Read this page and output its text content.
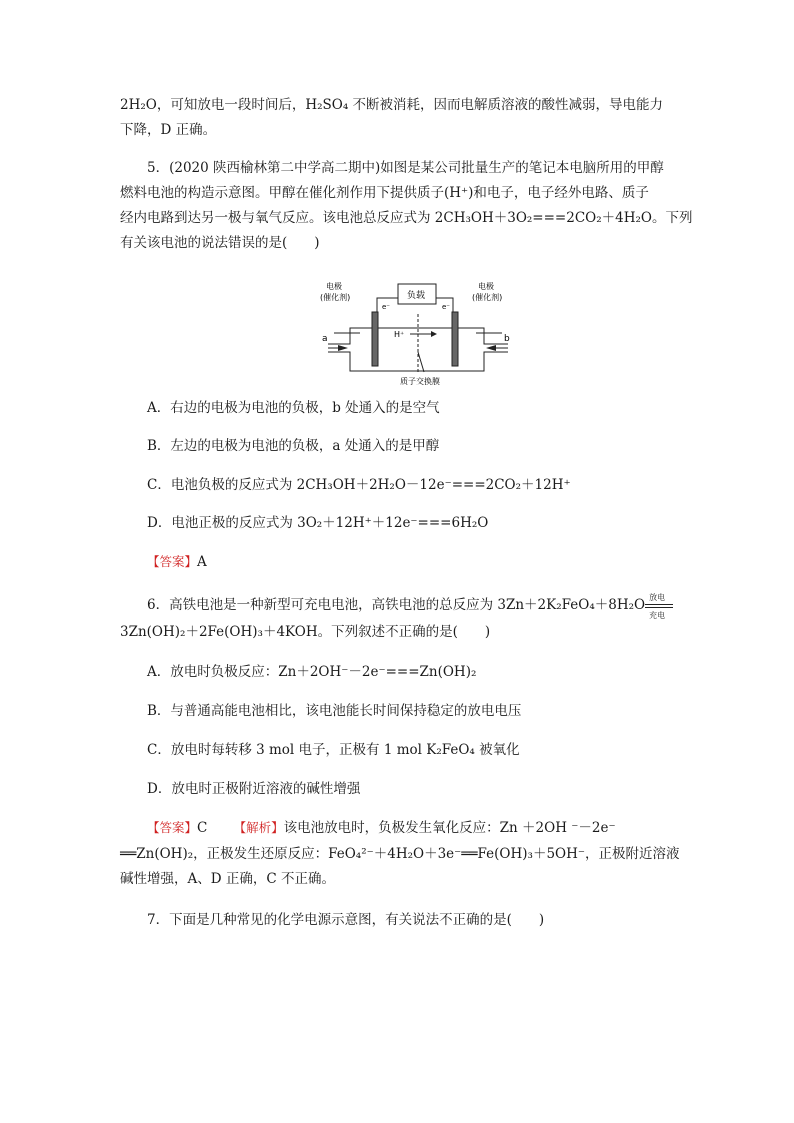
2H₂O，可知放电一段时间后，H₂SO₄ 不断被消耗，因而电解质溶液的酸性减弱，导电能力
下降，D 正确。
5．(2020 陕西榆林第二中学高二期中)如图是某公司批量生产的笔记本电脑所用的甲醇
燃料电池的构造示意图。甲醇在催化剂作用下提供质子(H⁺)和电子，电子经外电路、质子
经内电路到达另一极与氧气反应。该电池总反应式为 2CH₃OH＋3O₂===2CO₂＋4H₂O。下列
有关该电池的说法错误的是(　　)
电极
(催化剂)
电极
(催化剂)
负载
e⁻	e⁻
H⁺
a	b
质子交换膜
A．右边的电极为电池的负极，b 处通入的是空气
B．左边的电极为电池的负极，a 处通入的是甲醇
C．电池负极的反应式为 2CH₃OH＋2H₂O－12e⁻===2CO₂＋12H⁺
D．电池正极的反应式为 3O₂＋12H⁺＋12e⁻===6H₂O
【答案】A
6．高铁电池是一种新型可充电电池，高铁电池的总反应为 3Zn＋2K₂FeO₄＋8H₂O 放电
充电
3Zn(OH)₂＋2Fe(OH)₃＋4KOH。下列叙述不正确的是(　　)
A．放电时负极反应：Zn＋2OH⁻－2e⁻===Zn(OH)₂
B．与普通高能电池相比，该电池能长时间保持稳定的放电电压
C．放电时每转移 3 mol 电子，正极有 1 mol K₂FeO₄ 被氧化
D．放电时正极附近溶液的碱性增强
【答案】C 【解析】该电池放电时，负极发生氧化反应：Zn ＋2OH ⁻－2e⁻
══Zn(OH)₂，正极发生还原反应：FeO₄²⁻＋4H₂O＋3e⁻══Fe(OH)₃＋5OH⁻，正极附近溶液
碱性增强，A、D 正确，C 不正确。
7．下面是几种常见的化学电源示意图，有关说法不正确的是(　　)
